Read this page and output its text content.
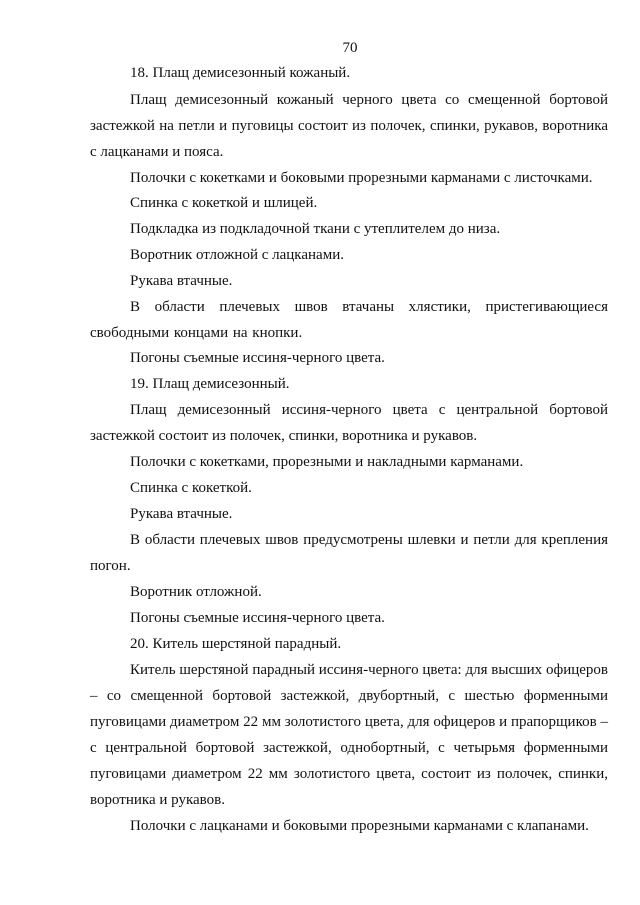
70

18. Плащ демисезонный кожаный.

Плащ демисезонный кожаный черного цвета со смещенной бортовой застежкой на петли и пуговицы состоит из полочек, спинки, рукавов, воротника с лацканами и пояса.

Полочки с кокетками и боковыми прорезными карманами с листочками.

Спинка с кокеткой и шлицей.

Подкладка из подкладочной ткани с утеплителем до низа.

Воротник отложной с лацканами.

Рукава втачные.

В области плечевых швов втачаны хлястики, пристегивающиеся свободными концами на кнопки.

Погоны съемные иссиня-черного цвета.

19. Плащ демисезонный.

Плащ демисезонный иссиня-черного цвета с центральной бортовой застежкой состоит из полочек, спинки, воротника и рукавов.

Полочки с кокетками, прорезными и накладными карманами.

Спинка с кокеткой.

Рукава втачные.

В области плечевых швов предусмотрены шлевки и петли для крепления погон.

Воротник отложной.

Погоны съемные иссиня-черного цвета.

20. Китель шерстяной парадный.

Китель шерстяной парадный иссиня-черного цвета: для высших офицеров – со смещенной бортовой застежкой, двубортный, с шестью форменными пуговицами диаметром 22 мм золотистого цвета, для офицеров и прапорщиков – с центральной бортовой застежкой, однобортный, с четырьмя форменными пуговицами диаметром 22 мм золотистого цвета, состоит из полочек, спинки, воротника и рукавов.

Полочки с лацканами и боковыми прорезными карманами с клапанами.
